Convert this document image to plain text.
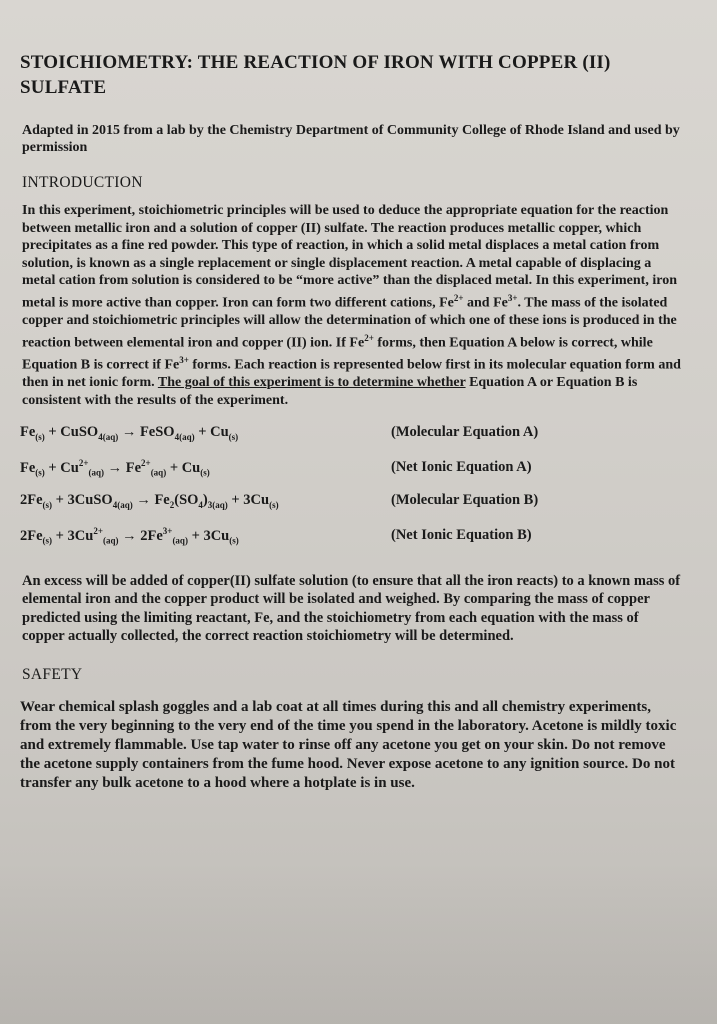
STOICHIOMETRY: THE REACTION OF IRON WITH COPPER (II) SULFATE
Adapted in 2015 from a lab by the Chemistry Department of Community College of Rhode Island and used by permission
INTRODUCTION

In this experiment, stoichiometric principles will be used to deduce the appropriate equation for the reaction between metallic iron and a solution of copper (II) sulfate. The reaction produces metallic copper, which precipitates as a fine red powder. This type of reaction, in which a solid metal displaces a metal cation from solution, is known as a single replacement or single displacement reaction. A metal capable of displacing a metal cation from solution is considered to be “more active” than the displaced metal. In this experiment, iron metal is more active than copper. Iron can form two different cations, $Fe^{2+}$ and $Fe^{3+}$. The mass of the isolated copper and stoichiometric principles will allow the determination of which one of these ions is produced in the reaction between elemental iron and copper (II) ion. If $Fe^{2+}$ forms, then Equation A below is correct, while Equation B is correct if $Fe^{3+}$ forms. Each reaction is represented below first in its molecular equation form and then in net ionic form. The goal of this experiment is to determine whether Equation A or Equation B is consistent with the results of the experiment.

$Fe_{(s)}$ + CuSO$_{4(aq)}$ → FeSO$_{4(aq)}$ + $Cu_{(s)}$	(Molecular Equation A)
$Fe_{(s)} + Cu^{2+}_{(aq)} \to Fe^{2+}_{(aq)} + Cu_{(s)}$	(Net Ionic Equation A)
$2Fe_{(s)}$ + 3CuSO$_{4(aq)}$ → $Fe_2(SO_4)_{3(aq)} + 3Cu_{(s)}$	(Molecular Equation B)
$2Fe_{(s)} + 3Cu^{2+}_{(aq)} \to 2Fe^{3+}_{(aq)} + 3Cu_{(s)}$	(Net Ionic Equation B)
An excess will be added of copper(II) sulfate solution (to ensure that all the iron reacts) to a known mass of elemental iron and the copper product will be isolated and weighed. By comparing the mass of copper predicted using the limiting reactant, Fe, and the stoichiometry from each equation with the mass of copper actually collected, the correct reaction stoichiometry will be determined.
SAFETY
Wear chemical splash goggles and a lab coat at all times during this and all chemistry experiments, from the very beginning to the very end of the time you spend in the laboratory. Acetone is mildly toxic and extremely flammable. Use tap water to rinse off any acetone you get on your skin. Do not remove the acetone supply containers from the fume hood. Never expose acetone to any ignition source. Do not transfer any bulk acetone to a hood where a hotplate is in use.
